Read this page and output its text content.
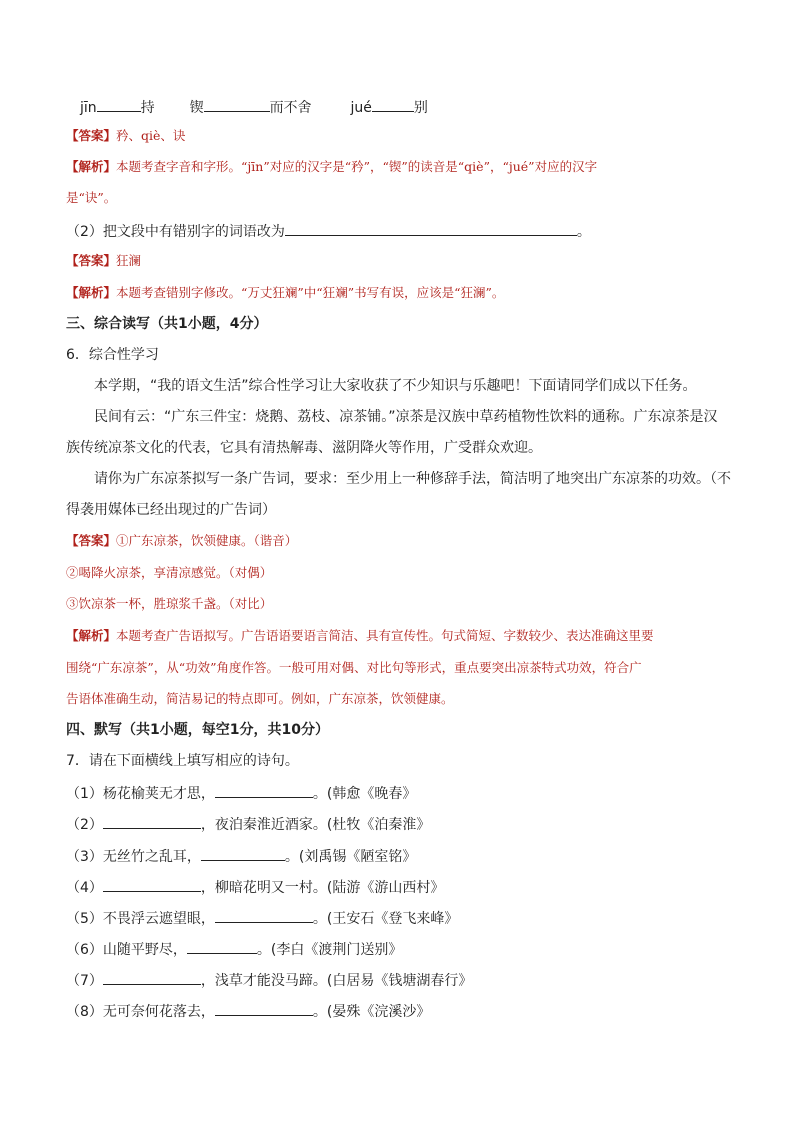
jīn	持 锲	而不舍	jué	别
【答案】矜、qiè、诀
【解析】本题考查字音和字形。“jīn”对应的汉字是“矜”，“锲”的读音是“qiè”，“jué”对应的汉字
是“诀”。
（2）把文段中有错别字的词语改为	。
【答案】狂澜
【解析】本题考查错别字修改。“万丈狂斓”中“狂斓”书写有误，应该是“狂澜”。
三、综合读写（共1小题，4分）
6．综合性学习
本学期，“我的语文生活”综合性学习让大家收获了不少知识与乐趣吧！下面请同学们成以下任务。
民间有云：“广东三件宝：烧鹅、荔枝、凉茶铺。”凉茶是汉族中草药植物性饮料的通称。广东凉茶是汉
族传统凉茶文化的代表，它具有清热解毒、滋阴降火等作用，广受群众欢迎。
请你为广东凉茶拟写一条广告词，要求：至少用上一种修辞手法，简洁明了地突出广东凉茶的功效。（不
得袭用媒体已经出现过的广告词）
【答案】①广东凉茶，饮领健康。（谐音）
②喝降火凉茶，享清凉感觉。（对偶）
③饮凉茶一杯，胜琼浆千盏。（对比）
【解析】本题考查广告语拟写。广告语语要语言简洁、具有宣传性。句式简短、字数较少、表达准确这里要
围绕“广东凉茶”，从“功效”角度作答。一般可用对偶、对比句等形式，重点要突出凉茶特式功效，符合广
告语体准确生动，简洁易记的特点即可。例如，广东凉茶，饮领健康。
四、默写（共1小题，每空1分，共10分）
7．请在下面横线上填写相应的诗句。
（1）杨花榆荚无才思，	。(韩愈《晚春》
（2）	，夜泊秦淮近酒家。(杜牧《泊秦淮》
（3）无丝竹之乱耳，	。(刘禹锡《陋室铭》
（4）	，柳暗花明又一村。(陆游《游山西村》
（5）不畏浮云遮望眼，	。(王安石《登飞来峰》
（6）山随平野尽，	。(李白《渡荆门送别》
（7）	，浅草才能没马蹄。(白居易《钱塘湖春行》
（8）无可奈何花落去，	。(晏殊《浣溪沙》
